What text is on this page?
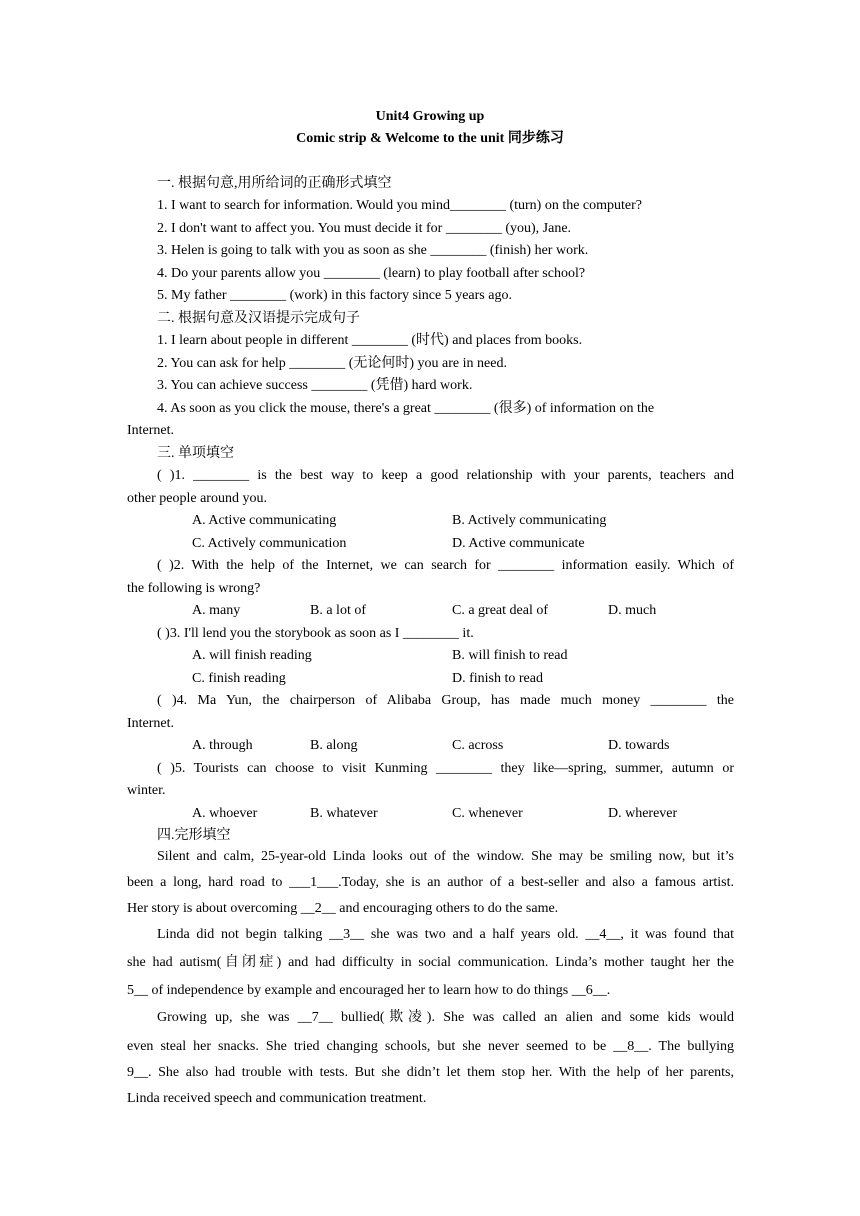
Unit4 Growing up
Comic strip & Welcome to the unit 同步练习
一. 根据句意,用所给词的正确形式填空
1. I want to search for information. Would you mind________ (turn) on the computer?
2. I don't want to affect you. You must decide it for ________ (you), Jane.
3. Helen is going to talk with you as soon as she ________ (finish) her work.
4. Do your parents allow you ________ (learn) to play football after school?
5. My father ________ (work) in this factory since 5 years ago.
二. 根据句意及汉语提示完成句子
1. I learn about people in different ________ (时代) and places from books.
2. You can ask for help ________ (无论何时) you are in need.
3. You can achieve success ________ (凭借) hard work.
4. As soon as you click the mouse, there's a great ________ (很多) of information on the
Internet.
三. 单项填空
( )1. ________ is the best way to keep a good relationship with your parents, teachers and
other people around you.
A. Active communicating	B. Actively communicating
C. Actively communication	D. Active communicate
( )2. With the help of the Internet, we can search for ________ information easily. Which of
the following is wrong?
A. many	B. a lot of	C. a great deal of	D. much
( )3. I'll lend you the storybook as soon as I ________ it.
A. will finish reading	B. will finish to read
C. finish reading	D. finish to read
( )4. Ma Yun, the chairperson of Alibaba Group, has made much money ________ the
Internet.
A. through	B. along	C. across	D. towards
( )5. Tourists can choose to visit Kunming ________ they like—spring, summer, autumn or
winter.
A. whoever	B. whatever	C. whenever	D. wherever
四.完形填空
Silent and calm, 25-year-old Linda looks out of the window. She may be smiling now, but it’s
been a long, hard road to ___1___.Today, she is an author of a best-seller and also a famous artist.
Her story is about overcoming __2__ and encouraging others to do the same.
Linda did not begin talking __3__ she was two and a half years old. __4__, it was found that
she had autism(自闭症) and had difficulty in social communication. Linda’s mother taught her the
5__ of independence by example and encouraged her to learn how to do things __6__.
Growing up, she was __7__ bullied(欺凌). She was called an alien and some kids would
even steal her snacks. She tried changing schools, but she never seemed to be __8__. The bullying
9__. She also had trouble with tests. But she didn’t let them stop her. With the help of her parents,
Linda received speech and communication treatment.
